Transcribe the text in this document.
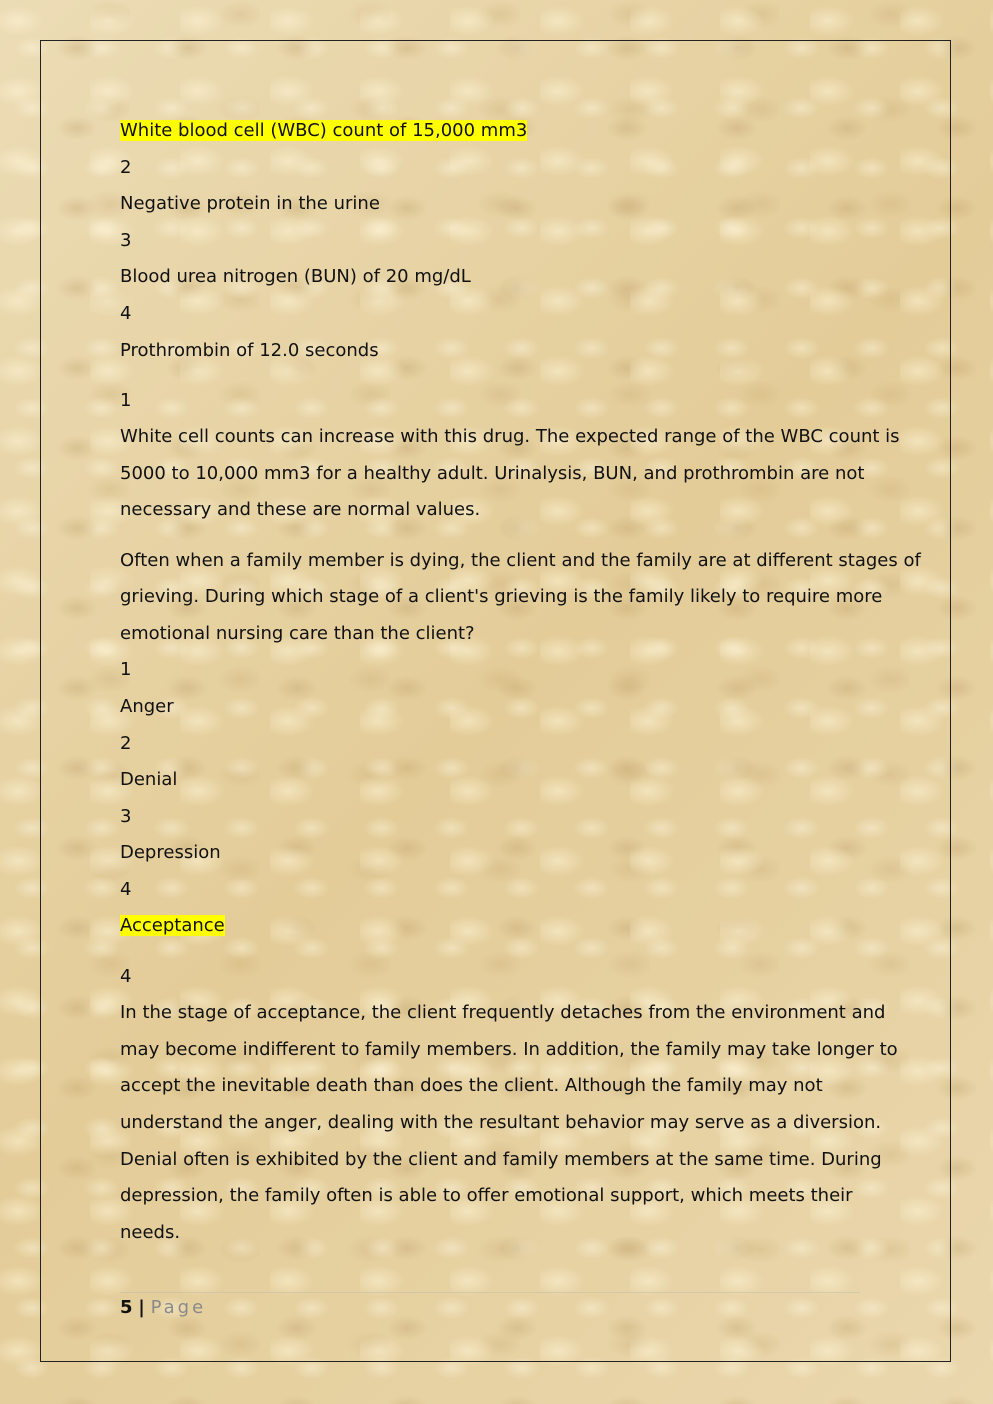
White blood cell (WBC) count of 15,000 mm3

2

Negative protein in the urine

3

Blood urea nitrogen (BUN) of 20 mg/dL

4

Prothrombin of 12.0 seconds

1

White cell counts can increase with this drug. The expected range of the WBC count is

5000 to 10,000 mm3 for a healthy adult. Urinalysis, BUN, and prothrombin are not

necessary and these are normal values.

Often when a family member is dying, the client and the family are at different stages of

grieving. During which stage of a client's grieving is the family likely to require more

emotional nursing care than the client?

1

Anger

2

Denial

3

Depression

4

Acceptance

4

In the stage of acceptance, the client frequently detaches from the environment and

may become indifferent to family members. In addition, the family may take longer to

accept the inevitable death than does the client. Although the family may not

understand the anger, dealing with the resultant behavior may serve as a diversion.

Denial often is exhibited by the client and family members at the same time. During

depression, the family often is able to offer emotional support, which meets their

needs.

5 | Page
